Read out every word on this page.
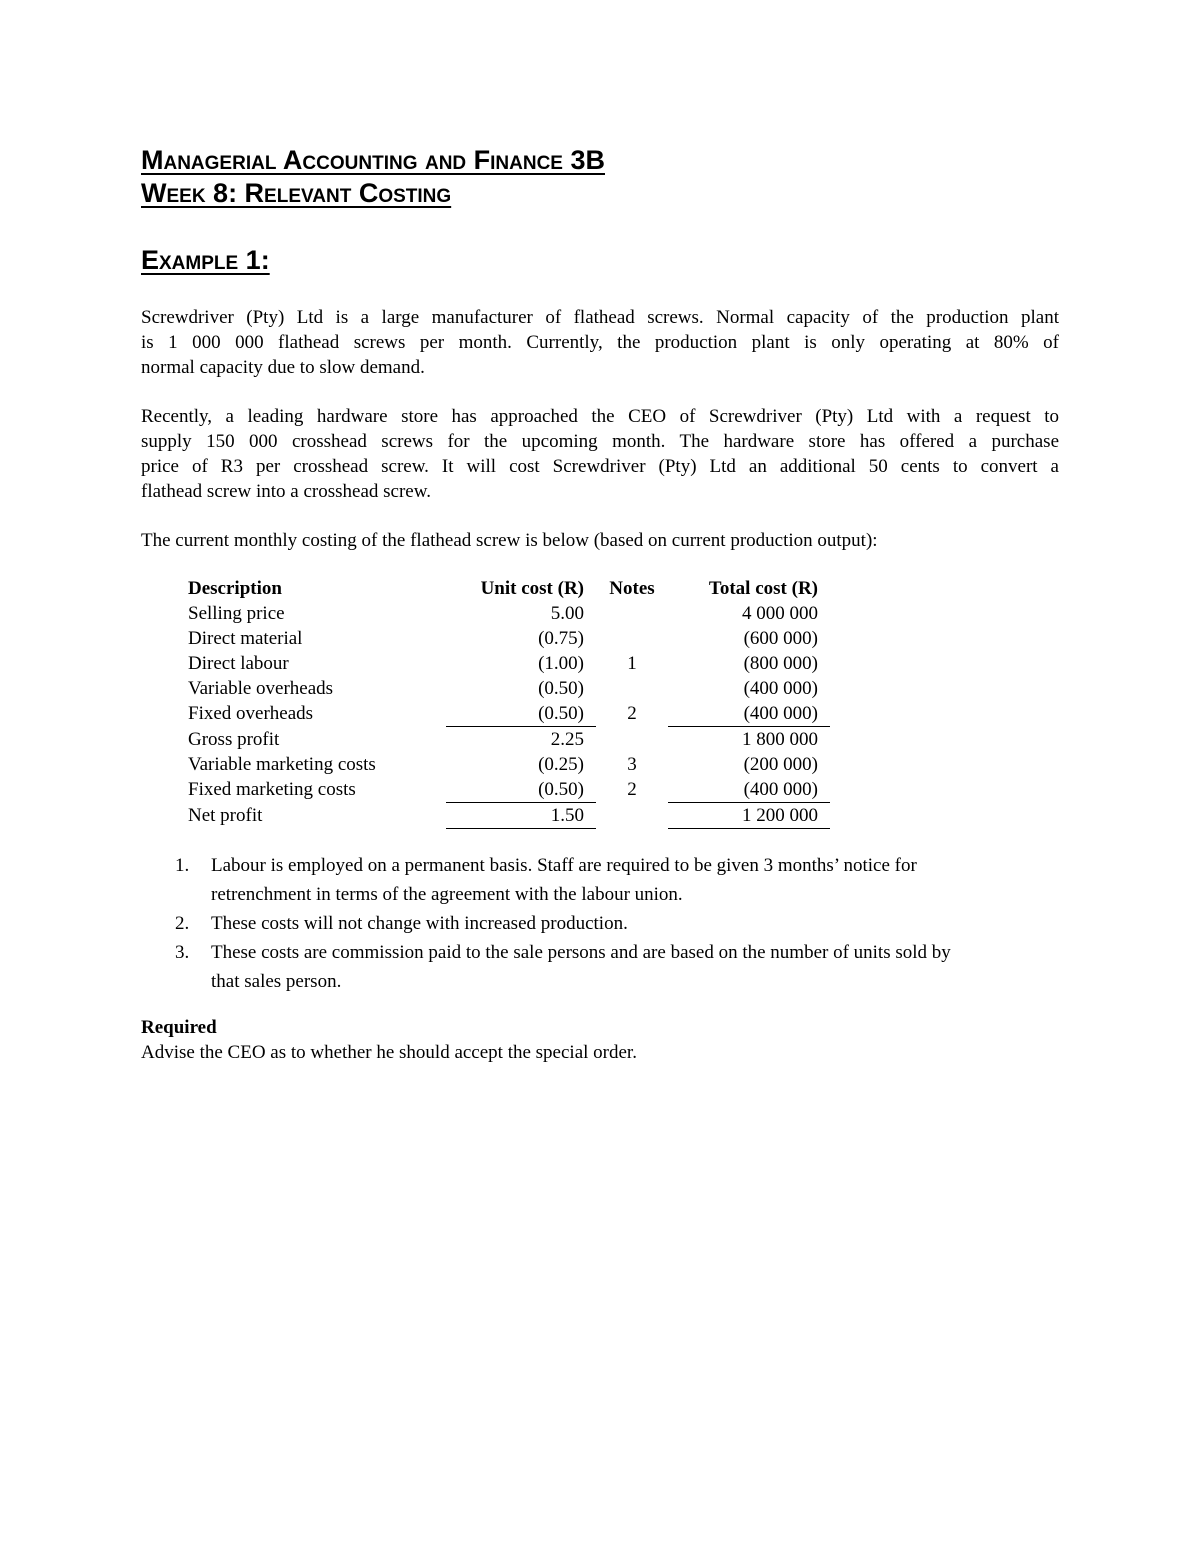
Managerial Accounting and Finance 3B
Week 8: Relevant Costing
Example 1:
Screwdriver (Pty) Ltd is a large manufacturer of flathead screws. Normal capacity of the production plant
is 1 000 000 flathead screws per month. Currently, the production plant is only operating at 80% of
normal capacity due to slow demand.
Recently, a leading hardware store has approached the CEO of Screwdriver (Pty) Ltd with a request to
supply 150 000 crosshead screws for the upcoming month. The hardware store has offered a purchase
price of R3 per crosshead screw. It will cost Screwdriver (Pty) Ltd an additional 50 cents to convert a
flathead screw into a crosshead screw.
The current monthly costing of the flathead screw is below (based on current production output):
Description	Unit cost (R)	Notes	Total cost (R)
Selling price	5.00		4 000 000
Direct material	(0.75)		(600 000)
Direct labour	(1.00)	1	(800 000)
Variable overheads	(0.50)		(400 000)
Fixed overheads	(0.50)	2	(400 000)
Gross profit	2.25		1 800 000
Variable marketing costs	(0.25)	3	(200 000)
Fixed marketing costs	(0.50)	2	(400 000)
Net profit	1.50		1 200 000
1. Labour is employed on a permanent basis. Staff are required to be given 3 months’ notice for
retrenchment in terms of the agreement with the labour union.
2. These costs will not change with increased production.
3. These costs are commission paid to the sale persons and are based on the number of units sold by
that sales person.
Required
Advise the CEO as to whether he should accept the special order.
